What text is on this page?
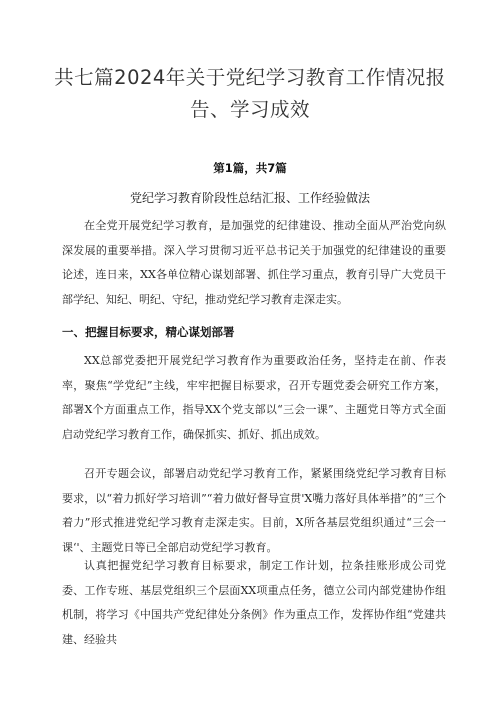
共七篇2024年关于党纪学习教育工作情况报告、学习成效
第1篇，共7篇
党纪学习教育阶段性总结汇报、工作经验做法

在全党开展党纪学习教育，是加强党的纪律建设、推动全面从严治党向纵深发展的重要举措。深入学习贯彻习近平总书记关于加强党的纪律建设的重要论述，连日来，XX各单位精心谋划部署、抓住学习重点，教育引导广大党员干部学纪、知纪、明纪、守纪，推动党纪学习教育走深走实。

一、把握目标要求，精心谋划部署

XX总部党委把开展党纪学习教育作为重要政治任务，坚持走在前、作表率，聚焦“学党纪”主线，牢牢把握目标要求，召开专题党委会研究工作方案，部署X个方面重点工作，指导XX个党支部以“三会一课”、主题党日等方式全面启动党纪学习教育工作，确保抓实、抓好、抓出成效。

召开专题会议，部署启动党纪学习教育工作，紧紧围绕党纪学习教育目标要求，以“着力抓好学习培训”“着力做好督导宣贯'X嘴力落好具体举措”的“三个着力”形式推进党纪学习教育走深走实。目前，X所各基层党组织通过“三会一课‘'、主题党日等已全部启动党纪学习教育。

认真把握党纪学习教育目标要求，制定工作计划，拉条挂账形成公司党委、工作专班、基层党组织三个层面XX项重点任务，德立公司内部党建协作组机制，将学习《中国共产党纪律处分条例》作为重点工作，发挥协作组“党建共建、经验共
